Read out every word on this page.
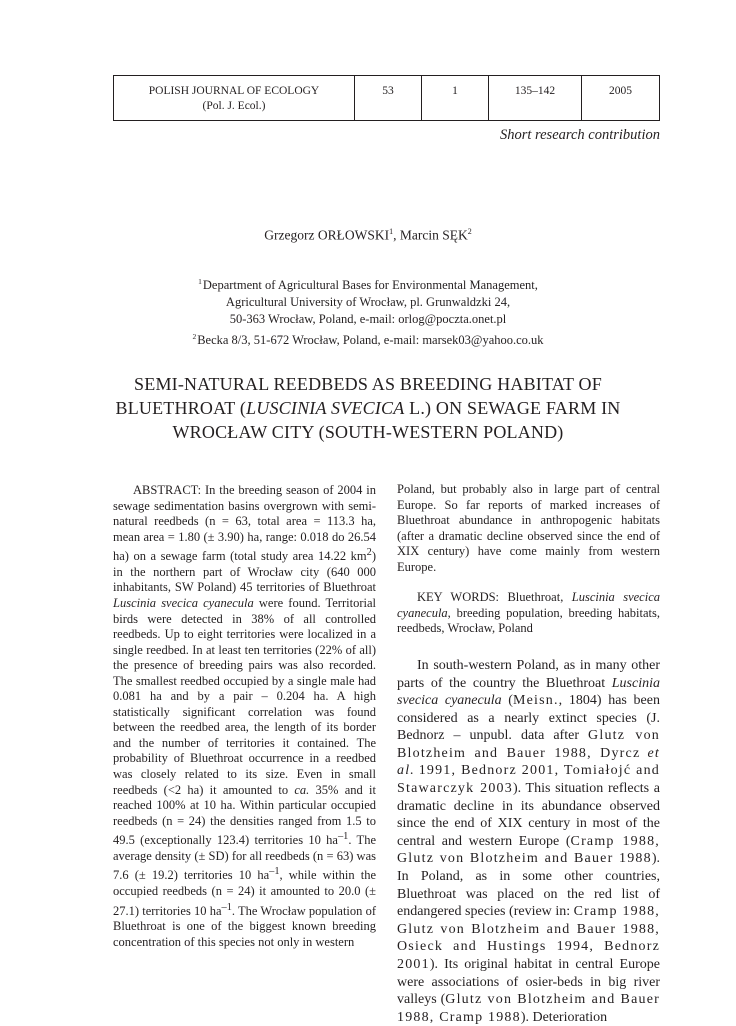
POLISH JOURNAL OF ECOLOGY
(Pol. J. Ecol.)
	53	1	135–142	2005
Short research contribution
Grzegorz ORŁOWSKI$^1$, Marcin SĘK$^2$
$^1$Department of Agricultural Bases for Environmental Management,
Agricultural University of Wrocław, pl. Grunwaldzki 24,
50-363 Wrocław, Poland, e-mail: orlog@poczta.onet.pl
$^2$Becka 8/3, 51-672 Wrocław, Poland, e-mail: marsek03@yahoo.co.uk
SEMI-NATURAL REEDBEDS AS BREEDING HABITAT OF
BLUETHROAT (LUSCINIA SVECICA L.) ON SEWAGE FARM IN
WROCŁAW CITY (SOUTH-WESTERN POLAND)

ABSTRACT: In the breeding season of 2004 in sewage sedimentation basins overgrown with semi-natural reedbeds (n = 63, total area = 113.3 ha, mean area = 1.80 (± 3.90) ha, range: 0.018 do 26.54 ha) on a sewage farm (total study area 14.22 $km^2$) in the northern part of Wrocław city (640 000 inhabitants, SW Poland) 45 territories of Bluethroat Luscinia svecica cyanecula were found. Territorial birds were detected in 38% of all controlled reedbeds. Up to eight territories were localized in a single reedbed. In at least ten territories (22% of all) the presence of breeding pairs was also recorded. The smallest reedbed occupied by a single male had 0.081 ha and by a pair – 0.204 ha. A high statistically significant correlation was found between the reedbed area, the length of its border and the number of territories it contained. The probability of Bluethroat occurrence in a reedbed was closely related to its size. Even in small reedbeds (<2 ha) it amounted to ca. 35% and it reached 100% at 10 ha. Within particular occupied reedbeds (n = 24) the densities ranged from 1.5 to 49.5 (exceptionally 123.4) territories 10 $ha^{-1}$. The average density (± SD) for all reedbeds (n = 63) was 7.6 (± 19.2) territories 10 $ha^{-1}$, while within the occupied reedbeds (n = 24) it amounted to 20.0 (± 27.1) territories 10 $ha^{-1}$. The Wrocław population of Bluethroat is one of the biggest known breeding concentration of this species not only in western

Poland, but probably also in large part of central Europe. So far reports of marked increases of Bluethroat abundance in anthropogenic habitats (after a dramatic decline observed since the end of XIX century) have come mainly from western Europe.

KEY WORDS: Bluethroat, Luscinia svecica cyanecula, breeding population, breeding habitats, reedbeds, Wrocław, Poland

In south-western Poland, as in many other parts of the country the Bluethroat Luscinia svecica cyanecula (Meisn., 1804) has been considered as a nearly extinct species (J. Bednorz – unpubl. data after Glutz von Blotzheim and Bauer 1988, Dyrcz et al. 1991, Bednorz 2001, Tomiałojć and Stawarczyk 2003). This situation reflects a dramatic decline in its abundance observed since the end of XIX century in most of the central and western Europe (Cramp 1988, Glutz von Blotzheim and Bauer 1988). In Poland, as in some other countries, Bluethroat was placed on the red list of endangered species (review in: Cramp 1988, Glutz von Blotzheim and Bauer 1988, Osieck and Hustings 1994, Bednorz 2001). Its original habitat in central Europe were associations of osier-beds in big river valleys (Glutz von Blotzheim and Bauer 1988, Cramp 1988). Deterioration
